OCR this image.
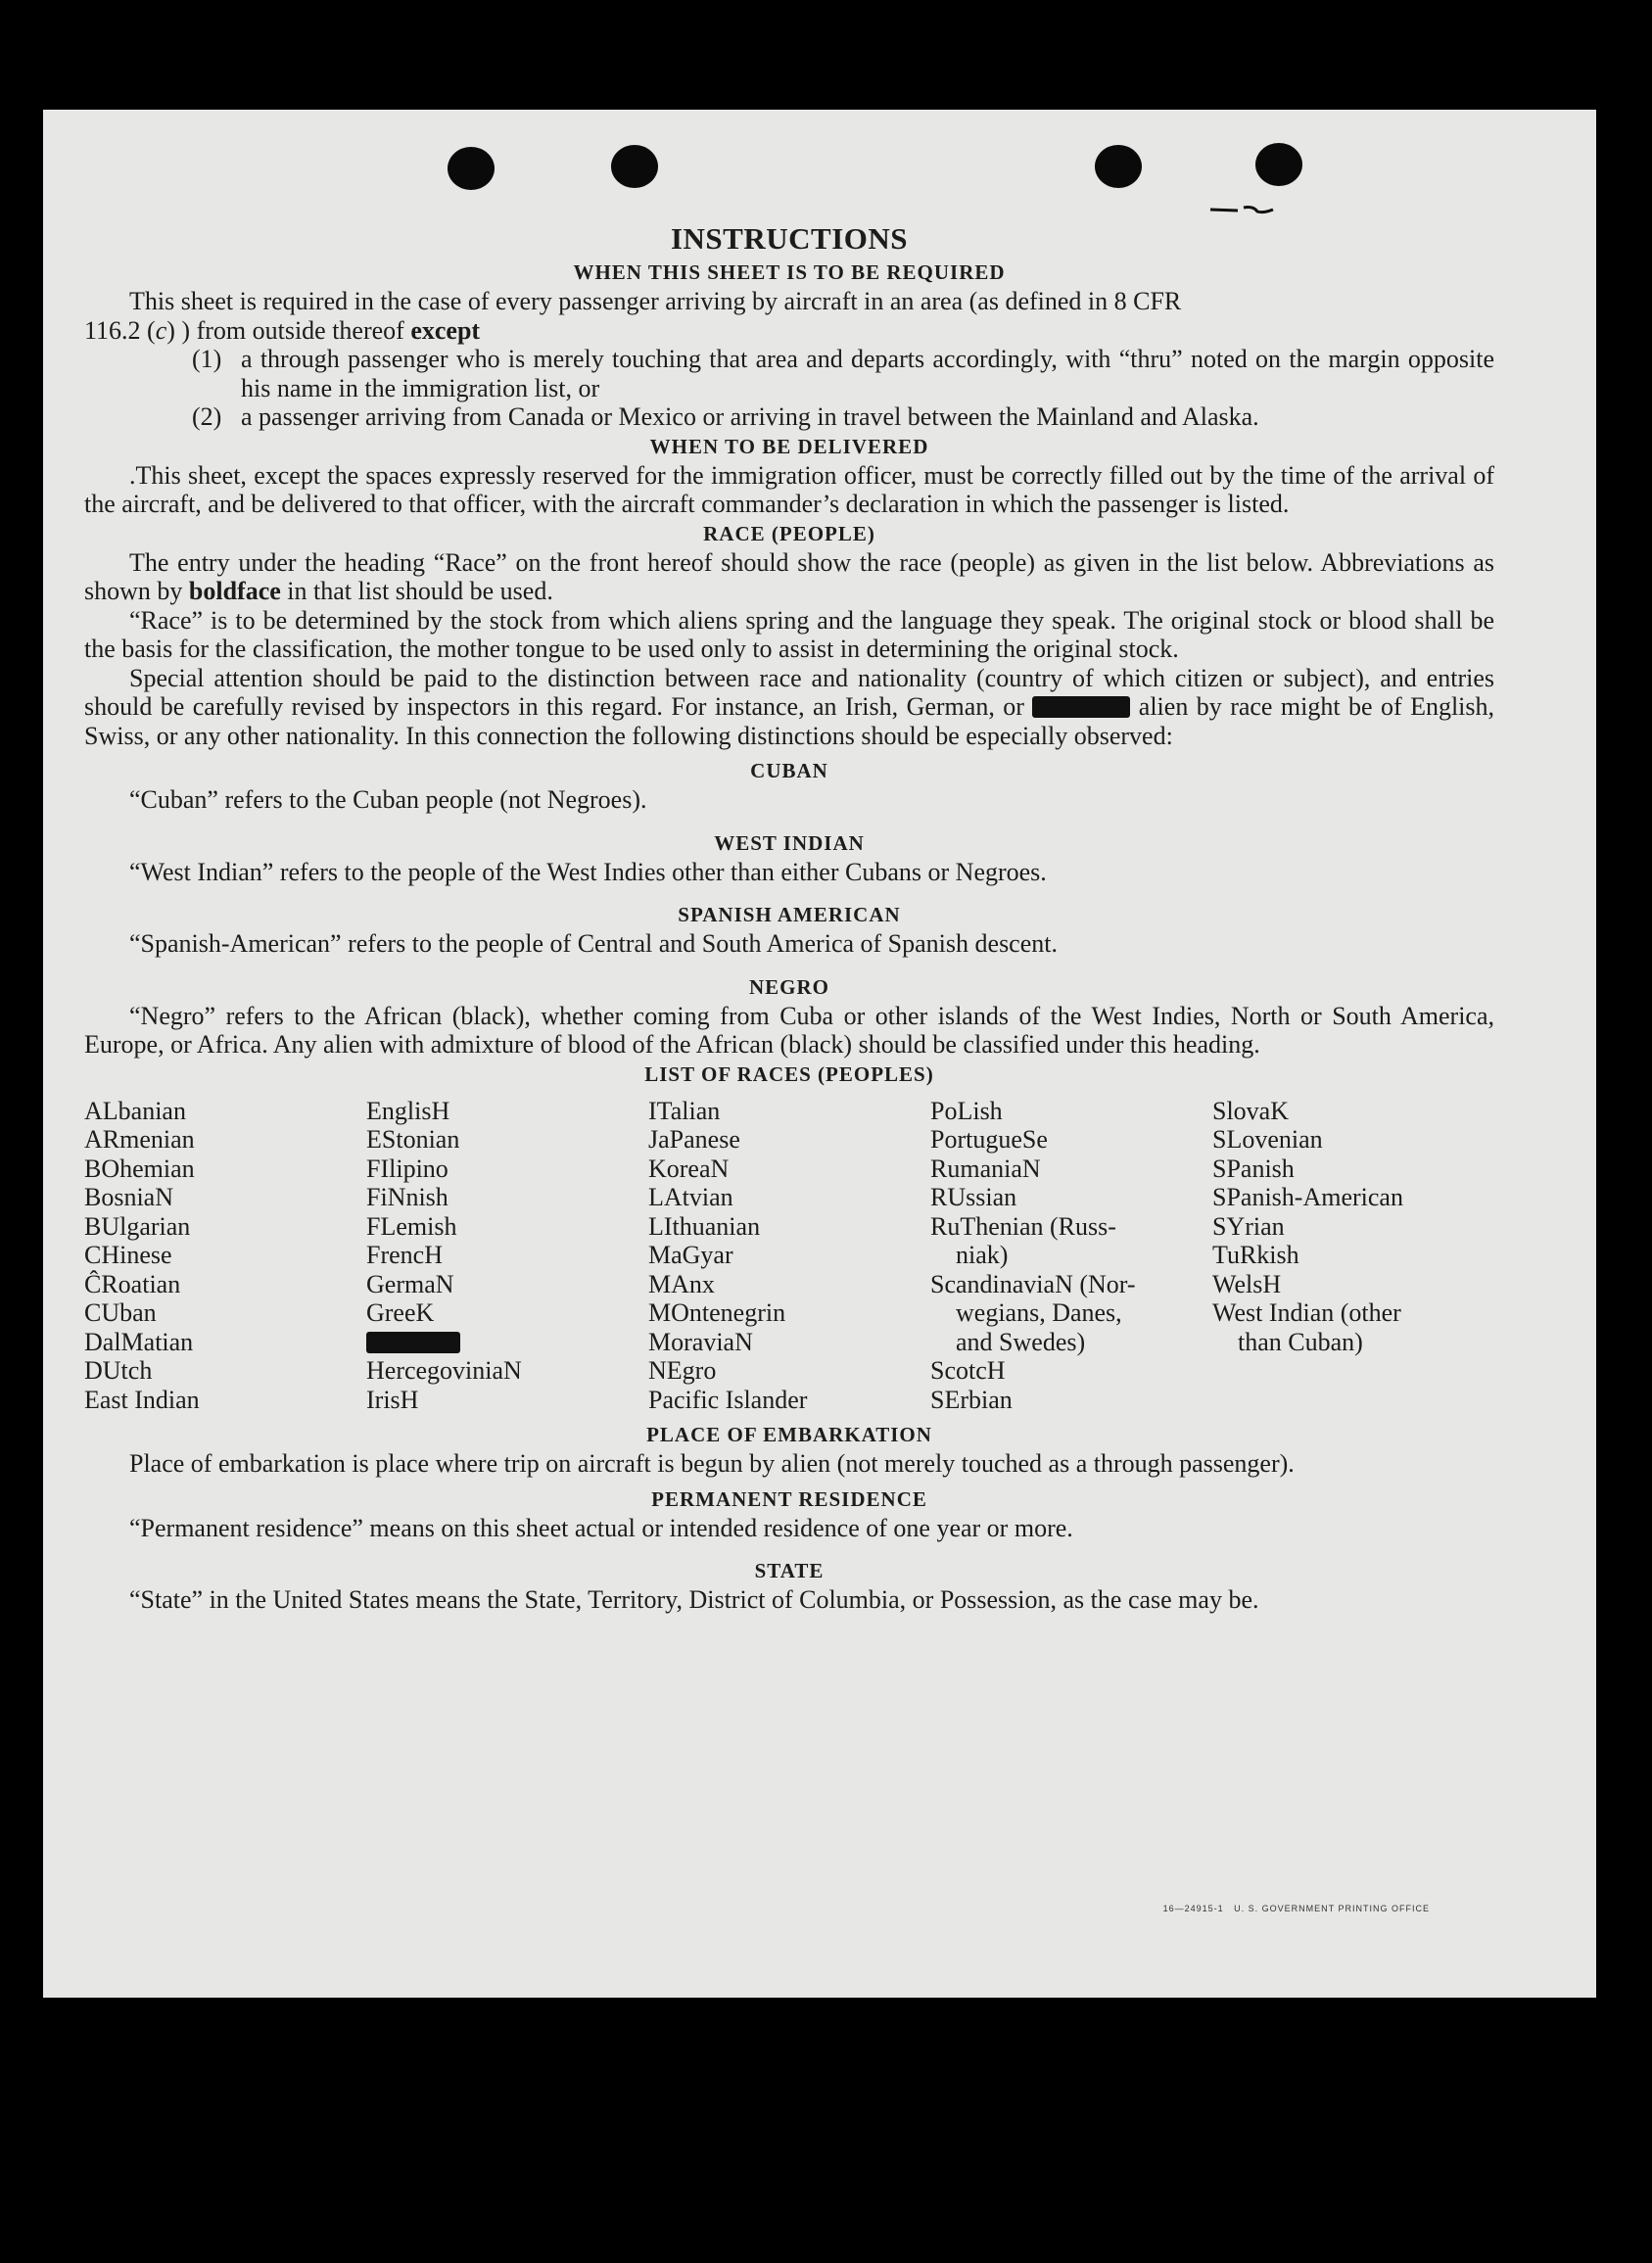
INSTRUCTIONS
WHEN THIS SHEET IS TO BE REQUIRED

This sheet is required in the case of every passenger arriving by aircraft in an area (as defined in 8 CFR
116.2 (c) ) from outside thereof except

(1) a through passenger who is merely touching that area and departs accordingly, with “thru” noted on the margin opposite his name in the immigration list, or
(2) a passenger arriving from Canada or Mexico or arriving in travel between the Mainland and Alaska.
WHEN TO BE DELIVERED

.This sheet, except the spaces expressly reserved for the immigration officer, must be correctly filled out by the time of the arrival of the aircraft, and be delivered to that officer, with the aircraft commander’s declaration in which the passenger is listed.

RACE (PEOPLE)

The entry under the heading “Race” on the front hereof should show the race (people) as given in the list below. Abbreviations as shown by boldface in that list should be used.

“Race” is to be determined by the stock from which aliens spring and the language they speak. The original stock or blood shall be the basis for the classification, the mother tongue to be used only to assist in determining the original stock.

Special attention should be paid to the distinction between race and nationality (country of which citizen or subject), and entries should be carefully revised by inspectors in this regard. For instance, an Irish, German, or	alien by race might be of English, Swiss, or any other nationality. In this connection the following distinctions should be especially observed:

CUBAN

“Cuban” refers to the Cuban people (not Negroes).

WEST INDIAN

“West Indian” refers to the people of the West Indies other than either Cubans or Negroes.

SPANISH AMERICAN

“Spanish-American” refers to the people of Central and South America of Spanish descent.

NEGRO

“Negro” refers to the African (black), whether coming from Cuba or other islands of the West Indies, North or South America, Europe, or Africa. Any alien with admixture of blood of the African (black) should be classified under this heading.

LIST OF RACES (PEOPLES)
ALbanian
ARmenian
BOhemian
BosniaN
BUlgarian
CHinese
ĈRoatian
CUban
DalMatian
DUtch
East Indian
EnglisH
EStonian
FIlipino
FiNnish
FLemish
FrencH
GermaN
GreeK
HercegoviniaN
IrisH
ITalian
JaPanese
KoreaN
LAtvian
LIthuanian
MaGyar
MAnx
MOntenegrin
MoraviaN
NEgro
Pacific Islander
PoLish
PortugueSe
RumaniaN
RUssian
RuThenian (Russ-
niak)
ScandinaviaN (Nor-
wegians, Danes,
and Swedes)
ScotcH
SErbian
SlovaK
SLovenian
SPanish
SPanish-American
SYrian
TuRkish
WelsH
West Indian (other
than Cuban)
PLACE OF EMBARKATION

Place of embarkation is place where trip on aircraft is begun by alien (not merely touched as a through passenger).

PERMANENT RESIDENCE

“Permanent residence” means on this sheet actual or intended residence of one year or more.

STATE

“State” in the United States means the State, Territory, District of Columbia, or Possession, as the case may be.

16—24915-1 U. S. GOVERNMENT PRINTING OFFICE
